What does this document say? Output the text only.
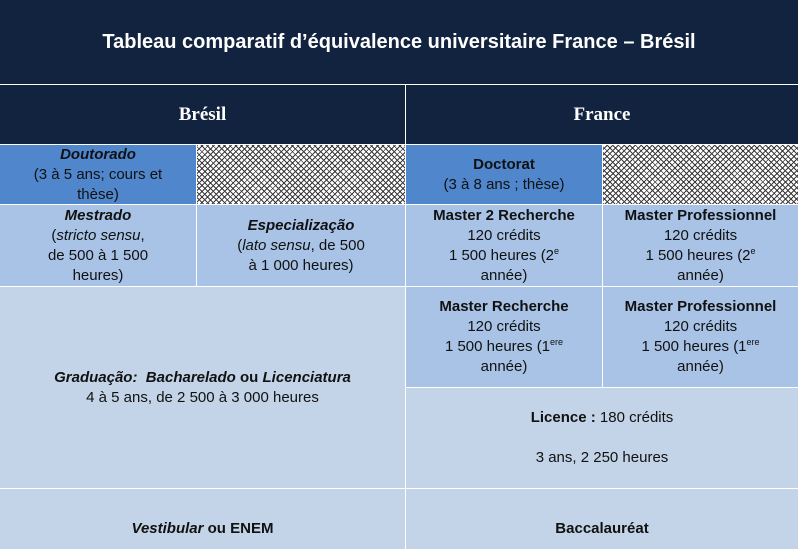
Tableau comparatif d’équivalence universitaire France – Brésil
Brésil	France
Doutorado
(3 à 5 ans; cours et
thèse)
Doctorat
(3 à 8 ans ; thèse)
Mestrado
(stricto sensu,
de 500 à 1 500
heures)
Especialização
(lato sensu, de 500
à 1 000 heures)
Master 2 Recherche
120 crédits
1 500 heures (2e
année)
Master Professionnel
120 crédits
1 500 heures (2e
année)
Graduação: Bacharelado ou Licenciatura
4 à 5 ans, de 2 500 à 3 000 heures
Master Recherche
120 crédits
1 500 heures (1ere
année)
Master Professionnel
120 crédits
1 500 heures (1ere
année)
Licence : 180 crédits
3 ans, 2 250 heures
Vestibular ou ENEM	Baccalauréat
